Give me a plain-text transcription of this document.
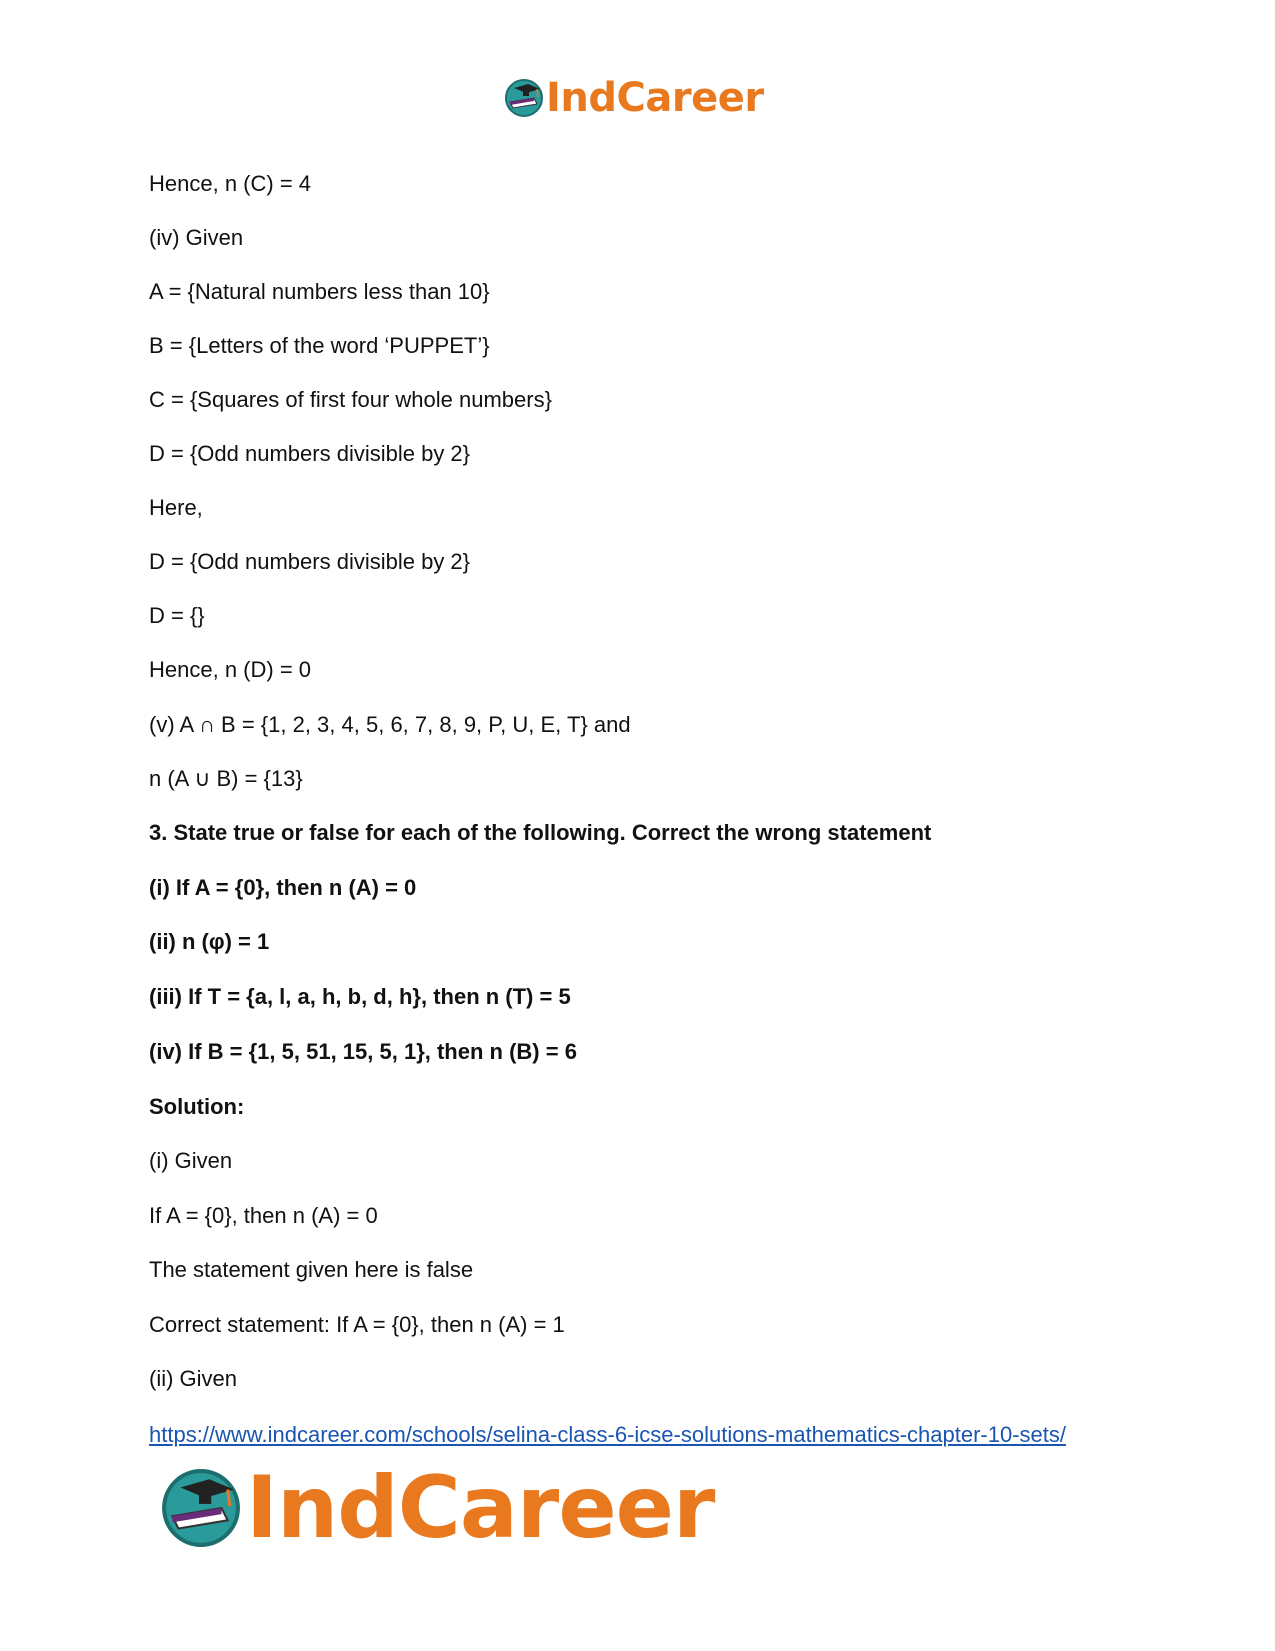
IndCareer
Hence, n (C) = 4
(iv) Given
A = {Natural numbers less than 10}
B = {Letters of the word ‘PUPPET’}
C = {Squares of first four whole numbers}
D = {Odd numbers divisible by 2}
Here,
D = {Odd numbers divisible by 2}
D = {}
Hence, n (D) = 0
(v) A ∩ B = {1, 2, 3, 4, 5, 6, 7, 8, 9, P, U, E, T} and
n (A ∪ B) = {13}
3. State true or false for each of the following. Correct the wrong statement
(i) If A = {0}, then n (A) = 0
(ii) n (φ) = 1
(iii) If T = {a, l, a, h, b, d, h}, then n (T) = 5
(iv) If B = {1, 5, 51, 15, 5, 1}, then n (B) = 6
Solution:
(i) Given
If A = {0}, then n (A) = 0
The statement given here is false
Correct statement: If A = {0}, then n (A) = 1
(ii) Given
https://www.indcareer.com/schools/selina-class-6-icse-solutions-mathematics-chapter-10-sets/
IndCareer
